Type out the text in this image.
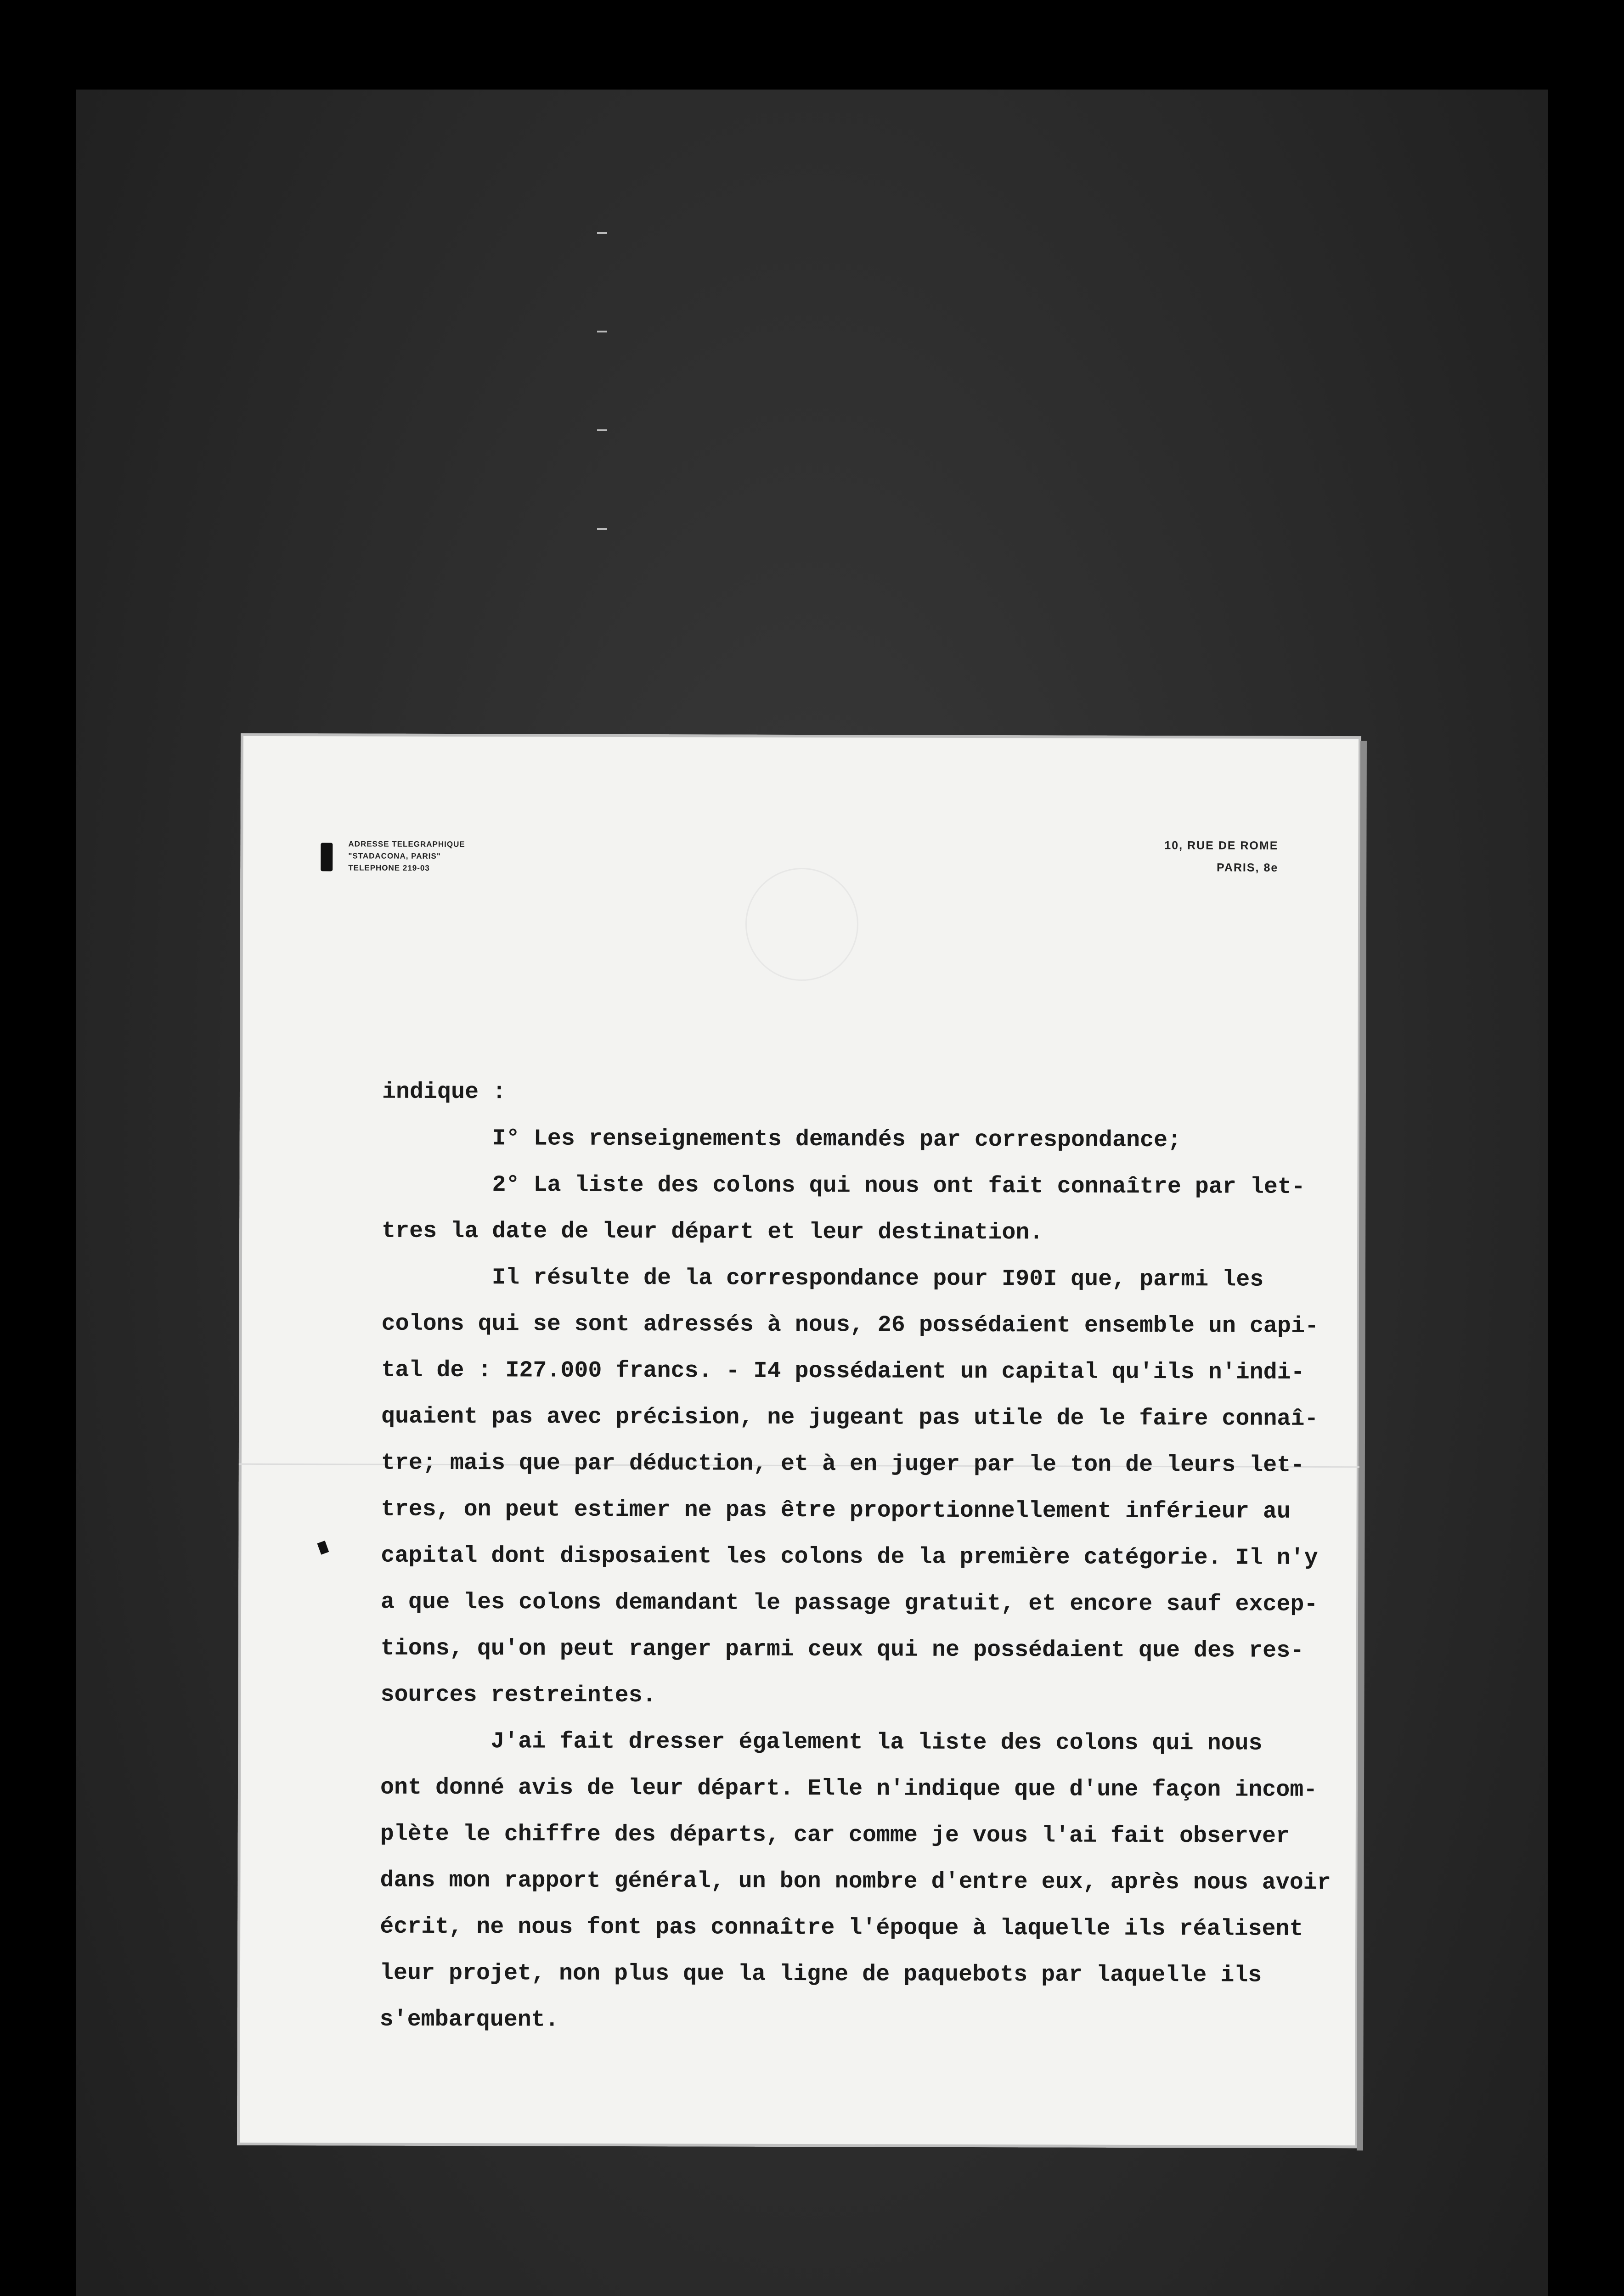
ADRESSE TELEGRAPHIQUE
"STADACONA, PARIS"
TELEPHONE 219-03
10, RUE DE ROME
PARIS, 8e
indique :
I° Les renseignements demandés par correspondance;
2° La liste des colons qui nous ont fait connaître par let-
tres la date de leur départ et leur destination.
Il résulte de la correspondance pour I90I que, parmi les
colons qui se sont adressés à nous, 26 possédaient ensemble un capi-
tal de : I27.000 francs. - I4 possédaient un capital qu'ils n'indi-
quaient pas avec précision, ne jugeant pas utile de le faire connaî-
tre; mais que par déduction, et à en juger par le ton de leurs let-
tres, on peut estimer ne pas être proportionnellement inférieur au
capital dont disposaient les colons de la première catégorie. Il n'y
a que les colons demandant le passage gratuit, et encore sauf excep-
tions, qu'on peut ranger parmi ceux qui ne possédaient que des res-
sources restreintes.
J'ai fait dresser également la liste des colons qui nous
ont donné avis de leur départ. Elle n'indique que d'une façon incom-
plète le chiffre des départs, car comme je vous l'ai fait observer
dans mon rapport général, un bon nombre d'entre eux, après nous avoir
écrit, ne nous font pas connaître l'époque à laquelle ils réalisent
leur projet, non plus que la ligne de paquebots par laquelle ils
s'embarquent.
